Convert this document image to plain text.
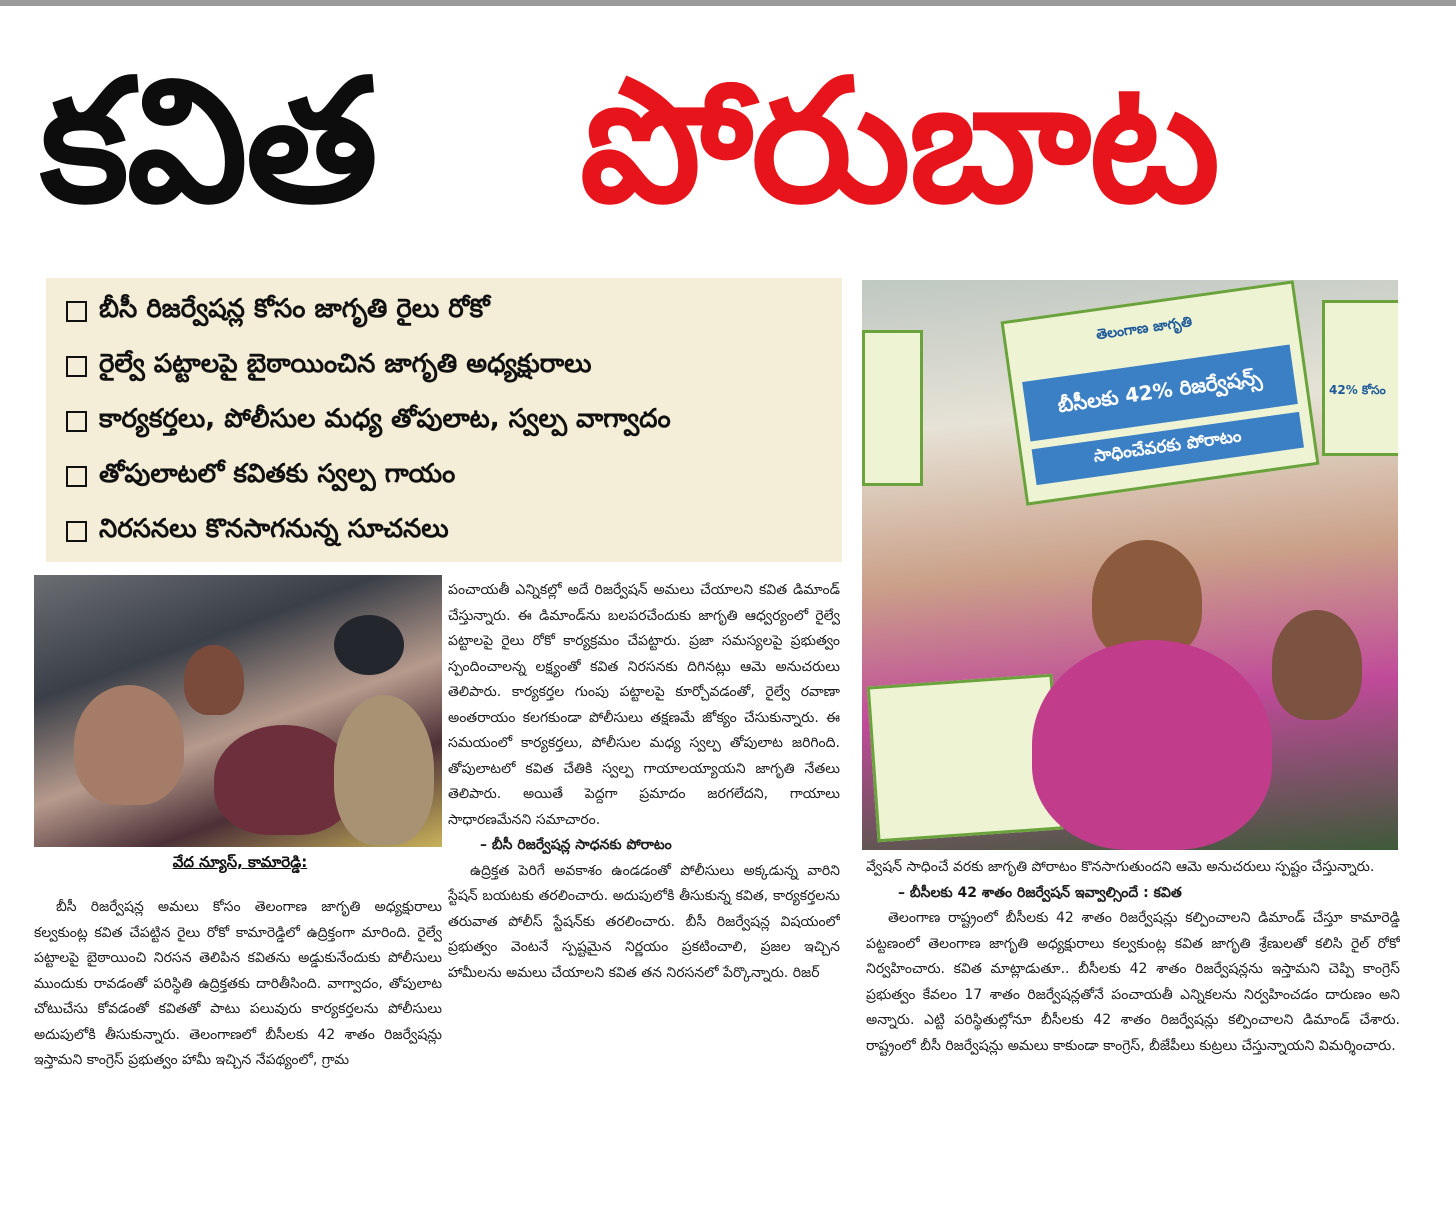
కవిత పోరుబాట
బీసీ రిజర్వేషన్ల కోసం జాగృతి రైలు రోకో
రైల్వే పట్టాలపై బైఠాయించిన జాగృతి అధ్యక్షురాలు
కార్యకర్తలు, పోలీసుల మధ్య తోపులాట, స్వల్ప వాగ్వాదం
తోపులాటలో కవితకు స్వల్ప గాయం
నిరసనలు కొనసాగనున్న సూచనలు
తెలంగాణ జాగృతి
బీసీలకు 42% రిజర్వేషన్స్
సాధించేవరకు పోరాటం
42% కోసం
వేద న్యూస్, కామారెడ్డి:

బీసీ రిజర్వేషన్ల అమలు కోసం తెలంగాణ జాగృతి అధ్యక్షురాలు కల్వకుంట్ల కవిత చేపట్టిన రైలు రోకో కామారెడ్డిలో ఉద్రిక్తంగా మారింది. రైల్వే పట్టాలపై బైఠాయించి నిరసన తెలిపిన కవితను అడ్డుకునేందుకు పోలీసులు ముందుకు రావడంతో పరిస్థితి ఉద్రిక్తతకు దారితీసింది. వాగ్వాదం, తోపులాట చోటుచేసు కోవడంతో కవితతో పాటు పలువురు కార్యకర్తలను పోలీసులు అదుపులోకి తీసుకున్నారు. తెలంగాణలో బీసీలకు 42 శాతం రిజర్వేషన్లు ఇస్తామని కాంగ్రెస్ ప్రభుత్వం హామీ ఇచ్చిన నేపథ్యంలో, గ్రామ

పంచాయతీ ఎన్నికల్లో అదే రిజర్వేషన్ అమలు చేయాలని కవిత డిమాండ్ చేస్తున్నారు. ఈ డిమాండ్‌ను బలపరచేందుకు జాగృతి ఆధ్వర్యంలో రైల్వే పట్టాలపై రైలు రోకో కార్యక్రమం చేపట్టారు. ప్రజా సమస్యలపై ప్రభుత్వం స్పందించాలన్న లక్ష్యంతో కవిత నిరసనకు దిగినట్లు ఆమె అనుచరులు తెలిపారు. కార్యకర్తల గుంపు పట్టాలపై కూర్చోవడంతో, రైల్వే రవాణా అంతరాయం కలగకుండా పోలీసులు తక్షణమే జోక్యం చేసుకున్నారు. ఈ సమయంలో కార్యకర్తలు, పోలీసుల మధ్య స్వల్ప తోపులాట జరిగింది. తోపులాటలో కవిత చేతికి స్వల్ప గాయాలయ్యాయని జాగృతి నేతలు తెలిపారు. అయితే పెద్దగా ప్రమాదం జరగలేదని, గాయాలు సాధారణమేనని సమాచారం.

– బీసీ రిజర్వేషన్ల సాధనకు పోరాటం

ఉద్రిక్తత పెరిగే అవకాశం ఉండడంతో పోలీసులు అక్కడున్న వారిని స్టేషన్ బయటకు తరలించారు. అదుపులోకి తీసుకున్న కవిత, కార్యకర్తలను తరువాత పోలీస్ స్టేషన్‌కు తరలించారు. బీసీ రిజర్వేషన్ల విషయంలో ప్రభుత్వం వెంటనే స్పష్టమైన నిర్ణయం ప్రకటించాలి, ప్రజల ఇచ్చిన హామీలను అమలు చేయాలని కవిత తన నిరసనలో పేర్కొన్నారు. రిజర్

వ్వేషన్ సాధించే వరకు జాగృతి పోరాటం కొనసాగుతుందని ఆమె అనుచరులు స్పష్టం చేస్తున్నారు.

– బీసీలకు 42 శాతం రిజర్వేషన్ ఇవ్వాల్సిందే : కవిత

తెలంగాణ రాష్ట్రంలో బీసీలకు 42 శాతం రిజర్వేషన్లు కల్పించాలని డిమాండ్ చేస్తూ కామారెడ్డి పట్టణంలో తెలంగాణ జాగృతి అధ్యక్షురాలు కల్వకుంట్ల కవిత జాగృతి శ్రేణులతో కలిసి రైల్ రోకో నిర్వహించారు. కవిత మాట్లాడుతూ.. బీసీలకు 42 శాతం రిజర్వేషన్లను ఇస్తామని చెప్పి కాంగ్రెస్ ప్రభుత్వం కేవలం 17 శాతం రిజర్వేషన్లతోనే పంచాయతీ ఎన్నికలను నిర్వహించడం దారుణం అని అన్నారు. ఎట్టి పరిస్థితుల్లోనూ బీసీలకు 42 శాతం రిజర్వేషన్లు కల్పించాలని డిమాండ్ చేశారు. రాష్ట్రంలో బీసీ రిజర్వేషన్లు అమలు కాకుండా కాంగ్రెస్, బీజేపీలు కుట్రలు చేస్తున్నాయని విమర్శించారు.
